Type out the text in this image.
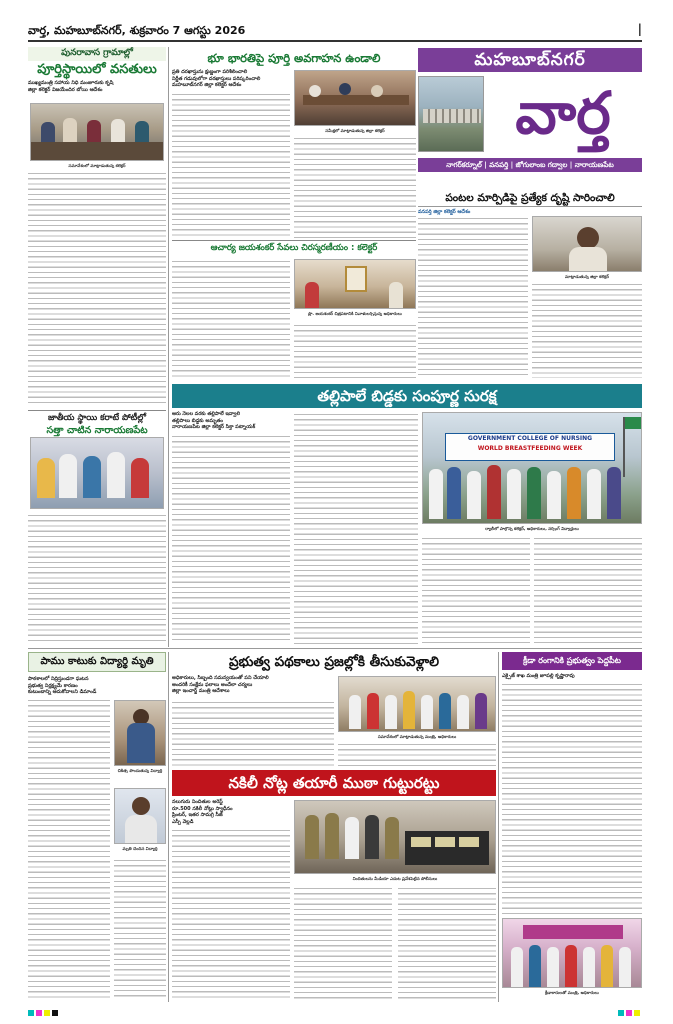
వార్త, మహబూబ్‌నగర్, శుక్రవారం 7 ఆగస్టు 2026	|
పునరావాస గ్రామాల్లో
పూర్తిస్థాయిలో వసతులు
ముఖ్యమంత్రి సహాయ నిధి మంజూరుకు కృషి
జిల్లా కలెక్టర్ విజయేందిర బోయి ఆదేశం
సమావేశంలో మాట్లాడుతున్న కలెక్టర్
జాతీయ స్థాయి కరాటే పోటీల్లో
సత్తా చాటిన నారాయణపేట
భూ భారతిపై పూర్తి అవగాహన ఉండాలి
ప్రతి దరఖాస్తును క్షుణ్ణంగా పరిశీలించాలి
నిర్ణీత గడువులోగా దరఖాస్తులు పరిష్కరించాలి
మహబూబ్‌నగర్ జిల్లా కలెక్టర్ ఆదేశం
సమీక్షలో మాట్లాడుతున్న జిల్లా కలెక్టర్
మహబూబ్‌నగర్
వార్త
నాగర్‌కర్నూల్ | వనపర్తి | జోగులాంబ గద్వాల | నారాయణపేట
పంటల మార్పిడిపై ప్రత్యేక దృష్టి సారించాలి
వనపర్తి జిల్లా కలెక్టర్ ఆదేశం
మాట్లాడుతున్న జిల్లా కలెక్టర్
ఆచార్య జయశంకర్ సేవలు చిరస్మరణీయం : కలెక్టర్
ప్రొ. జయశంకర్ చిత్రపటానికి నివాళులర్పిస్తున్న అధికారులు
తల్లిపాలే బిడ్డకు సంపూర్ణ సురక్ష
ఆరు నెలల వరకు తల్లిపాలే ఇవ్వాలి
తల్లిపాలు బిడ్డకు అమృతం
నారాయణపేట జిల్లా కలెక్టర్ సిక్తా పట్నాయక్
GOVERNMENT COLLEGE OF NURSING
WORLD BREASTFEEDING WEEK
ర్యాలీలో పాల్గొన్న కలెక్టర్, అధికారులు, నర్సింగ్ విద్యార్థులు
ప్రభుత్వ పథకాలు ప్రజల్లోకి తీసుకువెళ్లాలి
అధికారులు, సిబ్బంది సమన్వయంతో పని చేయాలి
అందరికీ సంక్షేమ ఫలాలు అందేలా చర్యలు
జిల్లా ఇంచార్జ్ మంత్రి ఆదేశాలు
సమావేశంలో మాట్లాడుతున్న మంత్రి, అధికారులు
పాము కాటుకు విద్యార్థి మృతి
పాఠశాలలో నిద్రిస్తుండగా ఘటన
ప్రభుత్వ నిర్లక్ష్యమే కారణం
కుటుంబాన్ని ఆదుకోవాలని డిమాండ్
చికిత్స పొందుతున్న విద్యార్థి
మృతి చెందిన విద్యార్థి
నకిలీ నోట్ల తయారీ ముఠా గుట్టురట్టు
నలుగురు నిందితుల అరెస్ట్
రూ.500 నకిలీ నోట్లు స్వాధీనం
ప్రింటర్, ఇతర సామగ్రి సీజ్
ఎస్పీ వెల్లడి
నిందితులను మీడియా ఎదుట ప్రవేశపెట్టిన పోలీసులు
క్రీడా రంగానికి ప్రభుత్వం పెద్దపీట
ఎక్సైజ్ శాఖ మంత్రి జూపల్లి కృష్ణారావు
క్రీడాకారులతో మంత్రి, అధికారులు
